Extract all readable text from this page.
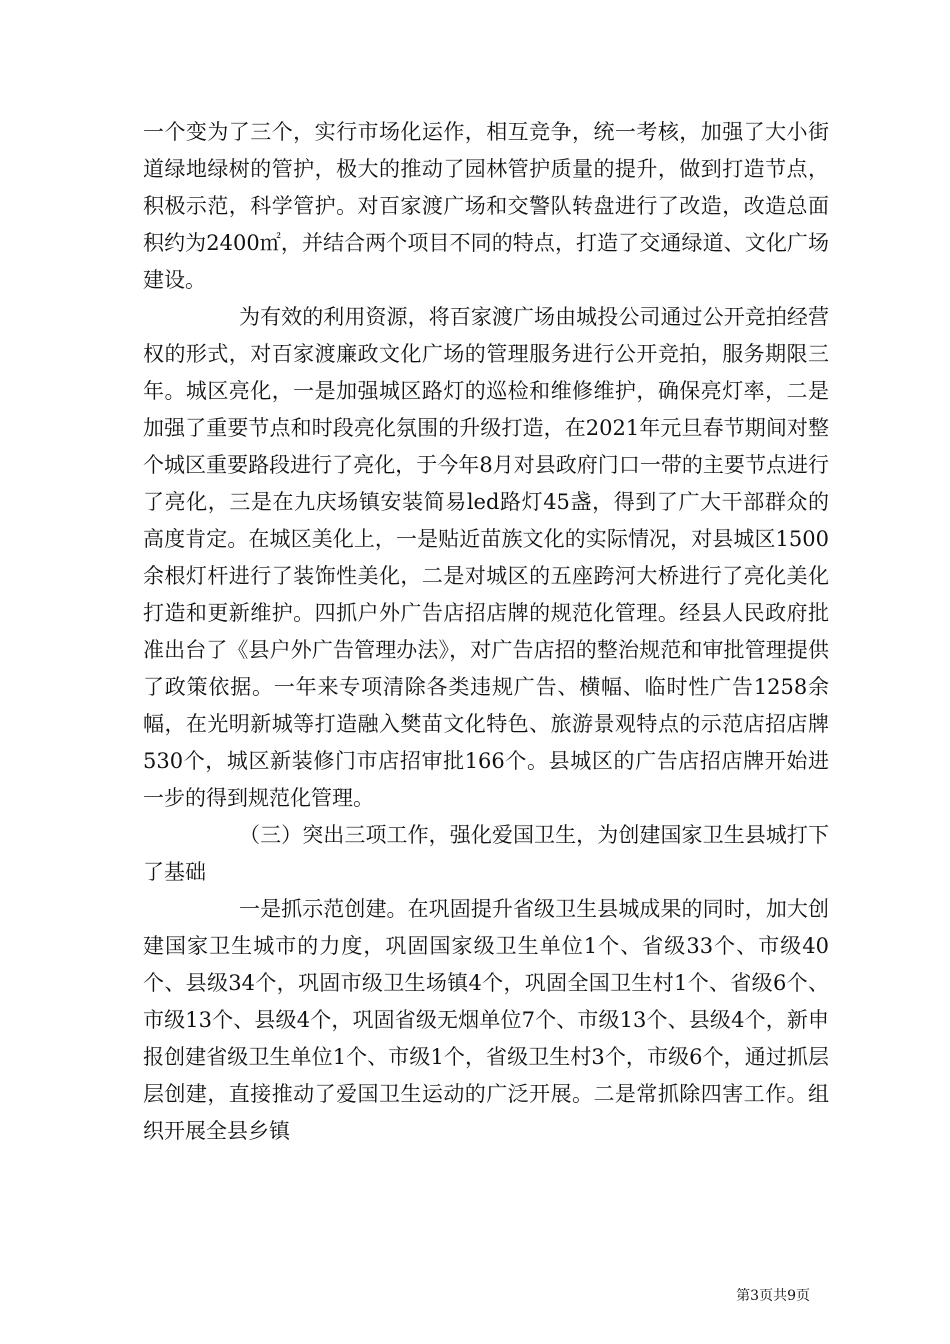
一个变为了三个，实行市场化运作，相互竞争，统一考核，加强了大小街道绿地绿树的管护，极大的推动了园林管护质量的提升，做到打造节点，积极示范，科学管护。对百家渡广场和交警队转盘进行了改造，改造总面积约为2400㎡，并结合两个项目不同的特点，打造了交通绿道、文化广场建设。

为有效的利用资源，将百家渡广场由城投公司通过公开竞拍经营权的形式，对百家渡廉政文化广场的管理服务进行公开竞拍，服务期限三年。城区亮化，一是加强城区路灯的巡检和维修维护，确保亮灯率，二是加强了重要节点和时段亮化氛围的升级打造，在2021年元旦春节期间对整个城区重要路段进行了亮化，于今年8月对县政府门口一带的主要节点进行了亮化，三是在九庆场镇安装简易led路灯45盏，得到了广大干部群众的高度肯定。在城区美化上，一是贴近苗族文化的实际情况，对县城区1500余根灯杆进行了装饰性美化，二是对城区的五座跨河大桥进行了亮化美化打造和更新维护。四抓户外广告店招店牌的规范化管理。经县人民政府批准出台了《县户外广告管理办法》，对广告店招的整治规范和审批管理提供了政策依据。一年来专项清除各类违规广告、横幅、临时性广告1258余幅，在光明新城等打造融入樊苗文化特色、旅游景观特点的示范店招店牌530个，城区新装修门市店招审批166个。县城区的广告店招店牌开始进一步的得到规范化管理。

（三）突出三项工作，强化爱国卫生，为创建国家卫生县城打下了基础

一是抓示范创建。在巩固提升省级卫生县城成果的同时，加大创建国家卫生城市的力度，巩固国家级卫生单位1个、省级33个、市级40个、县级34个，巩固市级卫生场镇4个，巩固全国卫生村1个、省级6个、市级13个、县级4个，巩固省级无烟单位7个、市级13个、县级4个，新申报创建省级卫生单位1个、市级1个，省级卫生村3个，市级6个，通过抓层层创建，直接推动了爱国卫生运动的广泛开展。二是常抓除四害工作。组织开展全县乡镇

第3页共9页
